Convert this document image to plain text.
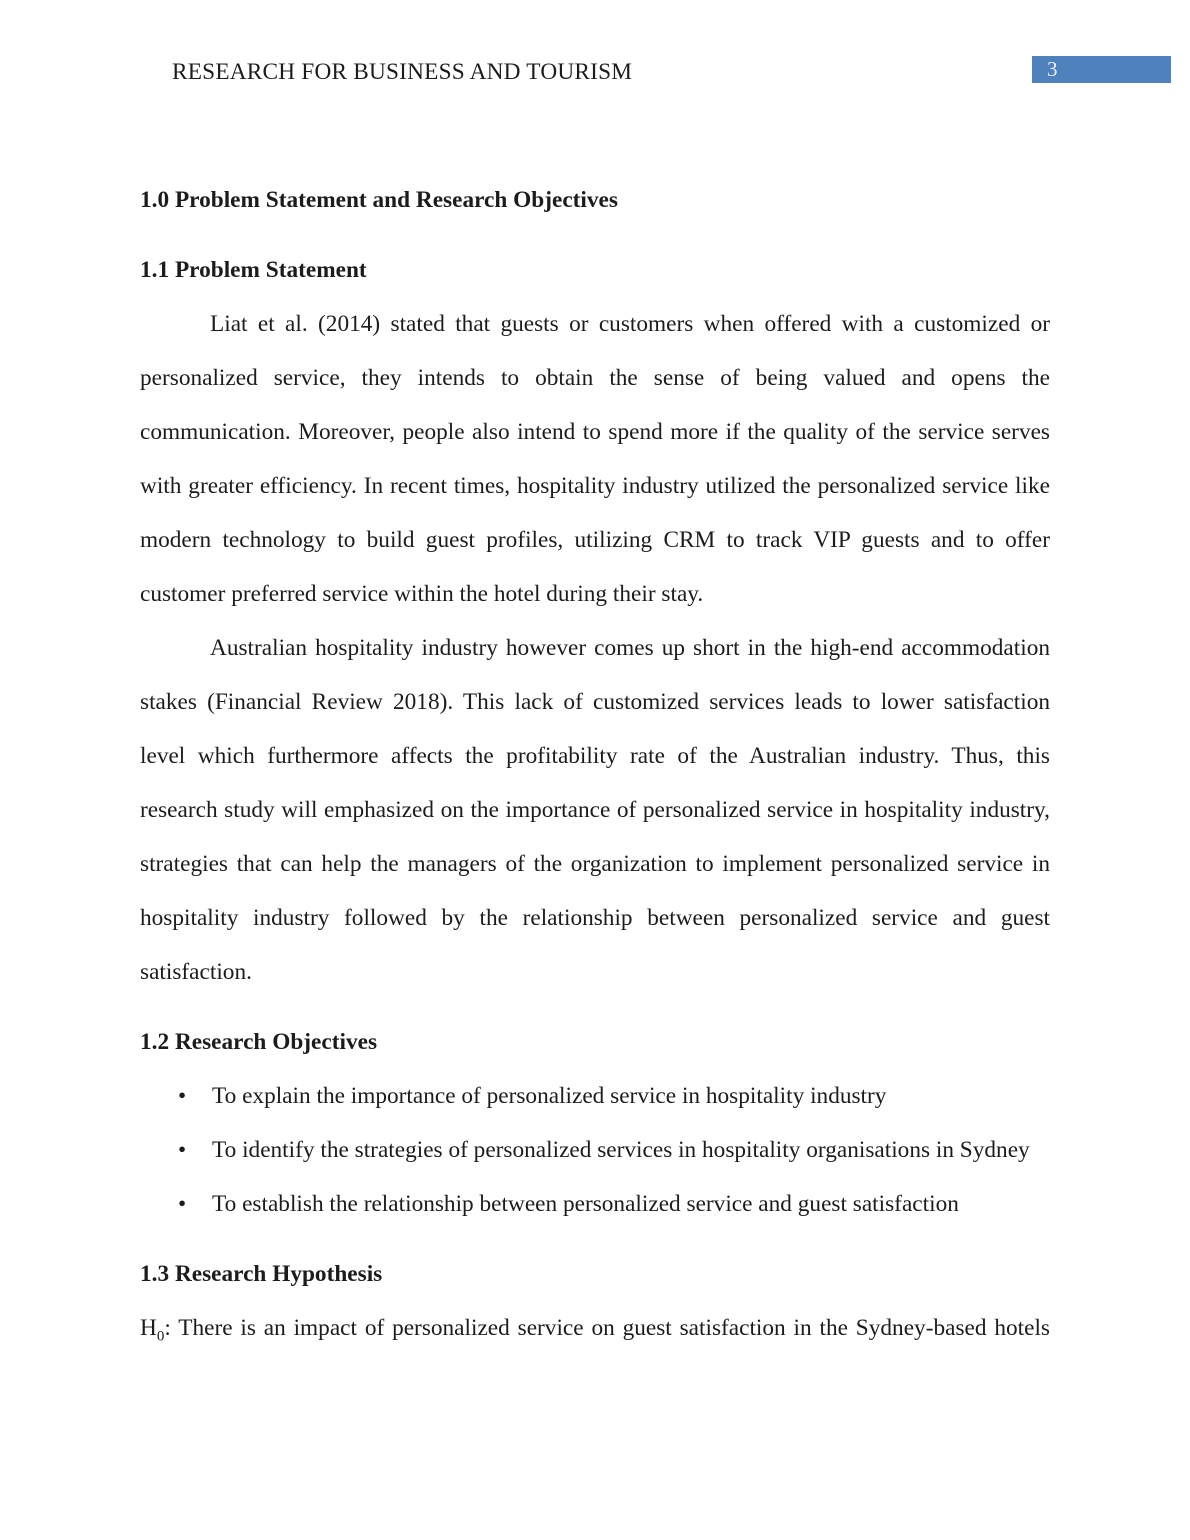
RESEARCH FOR BUSINESS AND TOURISM	3
1.0 Problem Statement and Research Objectives
1.1 Problem Statement
Liat et al. (2014) stated that guests or customers when offered with a customized or
personalized service, they intends to obtain the sense of being valued and opens the
communication. Moreover, people also intend to spend more if the quality of the service serves
with greater efficiency. In recent times, hospitality industry utilized the personalized service like
modern technology to build guest profiles, utilizing CRM to track VIP guests and to offer
customer preferred service within the hotel during their stay.
Australian hospitality industry however comes up short in the high-end accommodation
stakes (Financial Review 2018). This lack of customized services leads to lower satisfaction
level which furthermore affects the profitability rate of the Australian industry. Thus, this
research study will emphasized on the importance of personalized service in hospitality industry,
strategies that can help the managers of the organization to implement personalized service in
hospitality industry followed by the relationship between personalized service and guest
satisfaction.
1.2 Research Objectives
• To explain the importance of personalized service in hospitality industry
• To identify the strategies of personalized services in hospitality organisations in Sydney
• To establish the relationship between personalized service and guest satisfaction
1.3 Research Hypothesis
$H_0$: There is an impact of personalized service on guest satisfaction in the Sydney-based hotels
